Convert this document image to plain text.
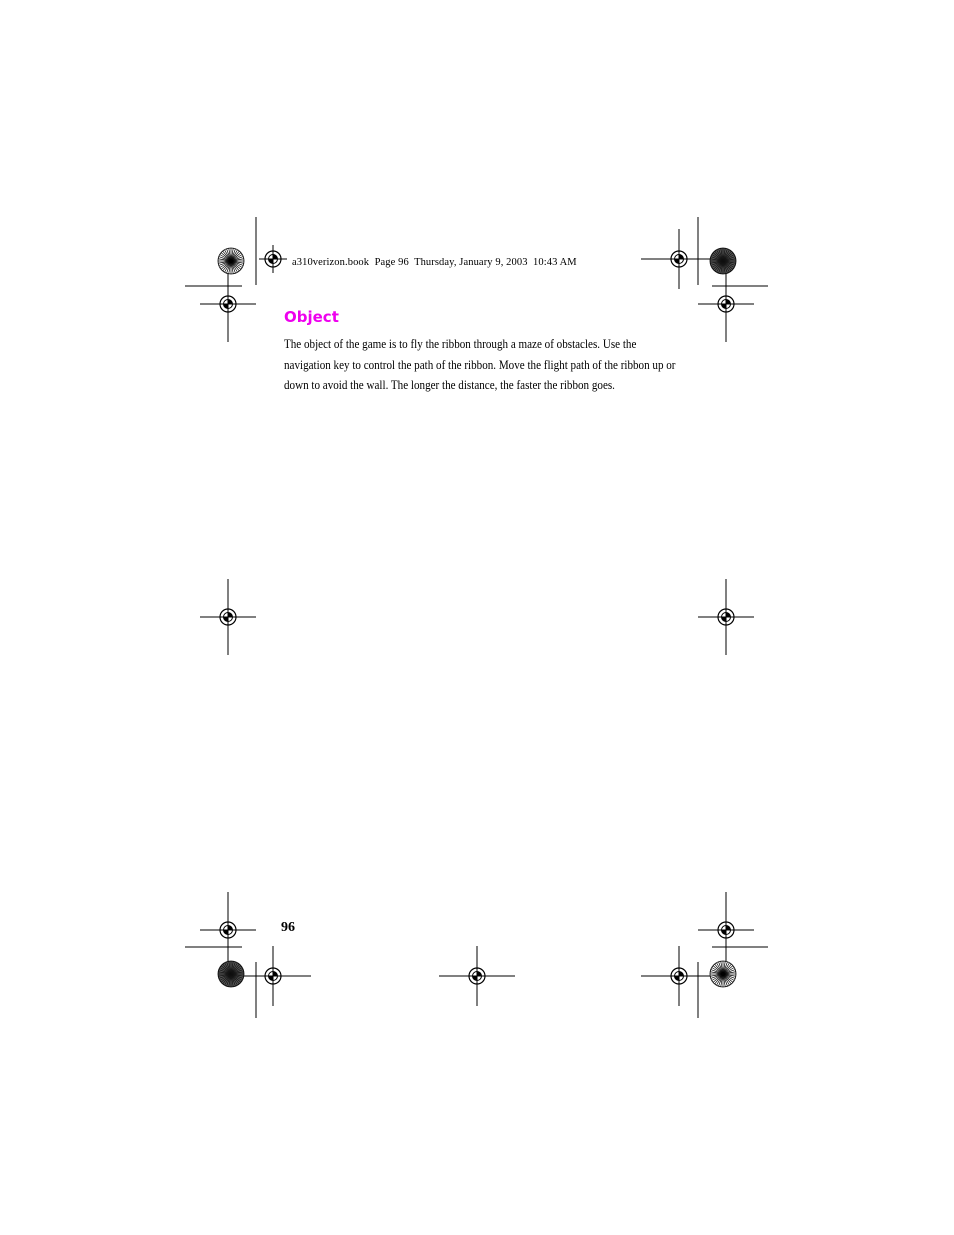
a310verizon.book  Page 96  Thursday, January 9, 2003  10:43 AM
Object

The object of the game is to fly the ribbon through a maze of obstacles. Use the navigation key to control the path of the ribbon. Move the flight path of the ribbon up or down to avoid the wall. The longer the distance, the faster the ribbon goes.

96
